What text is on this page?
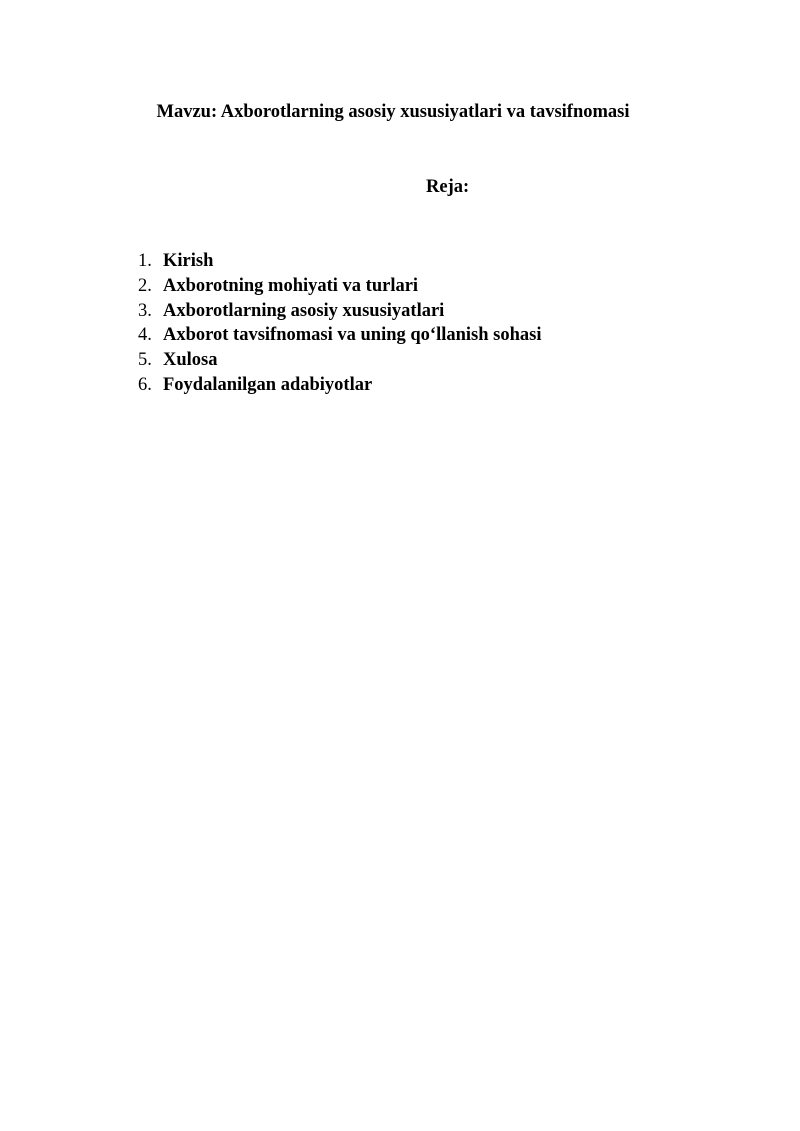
Mavzu: Axborotlarning asosiy xususiyatlari va tavsifnomasi
Reja:
1. Kirish
2. Axborotning mohiyati va turlari
3. Axborotlarning asosiy xususiyatlari
4. Axborot tavsifnomasi va uning qo‘llanish sohasi
5. Xulosa
6. Foydalanilgan adabiyotlar
